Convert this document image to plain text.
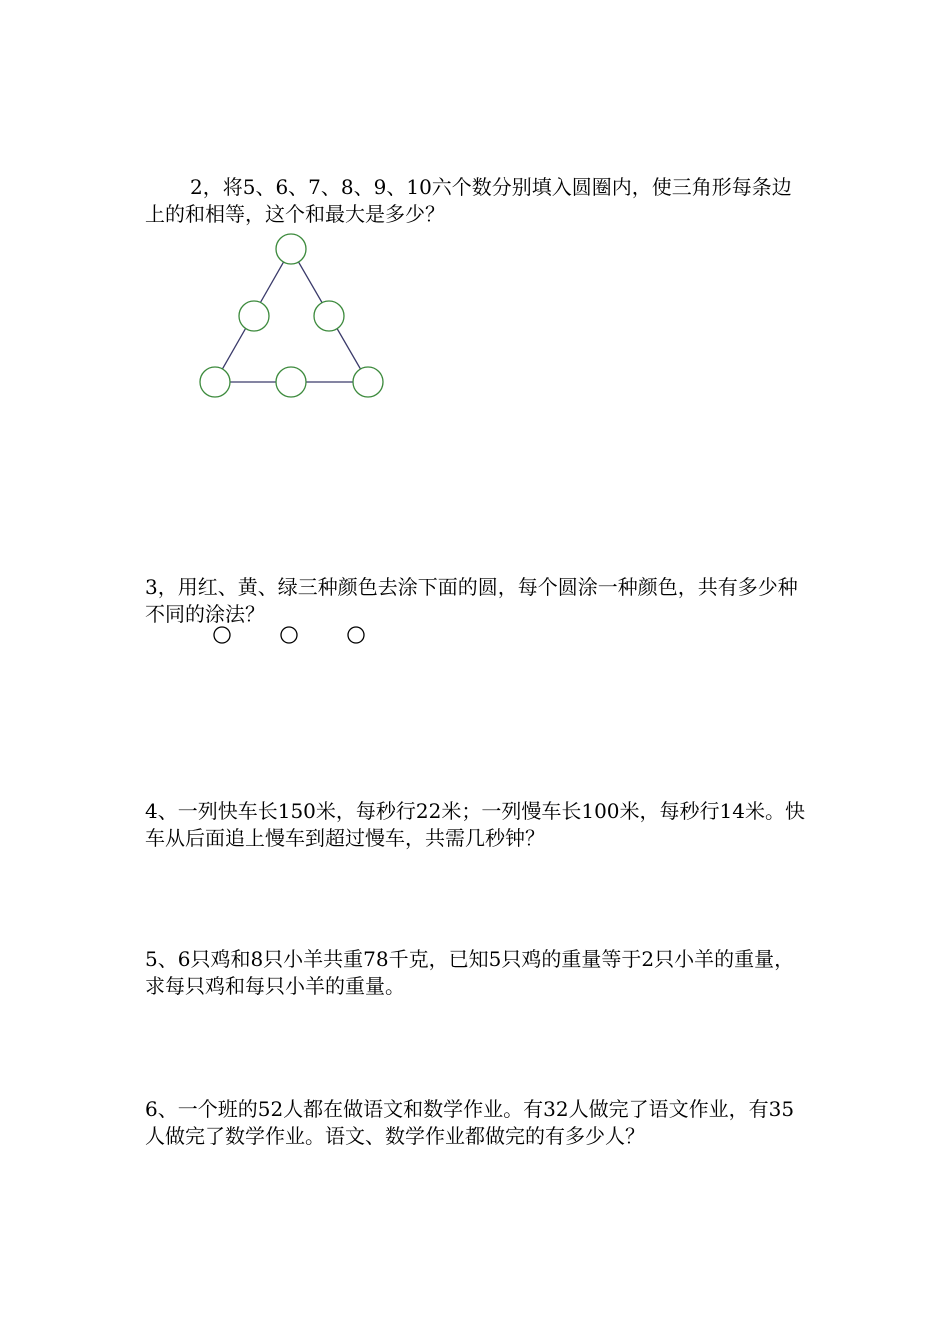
2，将5、6、7、8、9、10六个数分别填入圆圈内，使三角形每条边上的和相等，这个和最大是多少？

3，用红、黄、绿三种颜色去涂下面的圆，每个圆涂一种颜色，共有多少种不同的涂法？

4、一列快车长150米，每秒行22米；一列慢车长100米，每秒行14米。快车从后面追上慢车到超过慢车，共需几秒钟？

5、6只鸡和8只小羊共重78千克，已知5只鸡的重量等于2只小羊的重量，求每只鸡和每只小羊的重量。

6、一个班的52人都在做语文和数学作业。有32人做完了语文作业，有35人做完了数学作业。语文、数学作业都做完的有多少人？
